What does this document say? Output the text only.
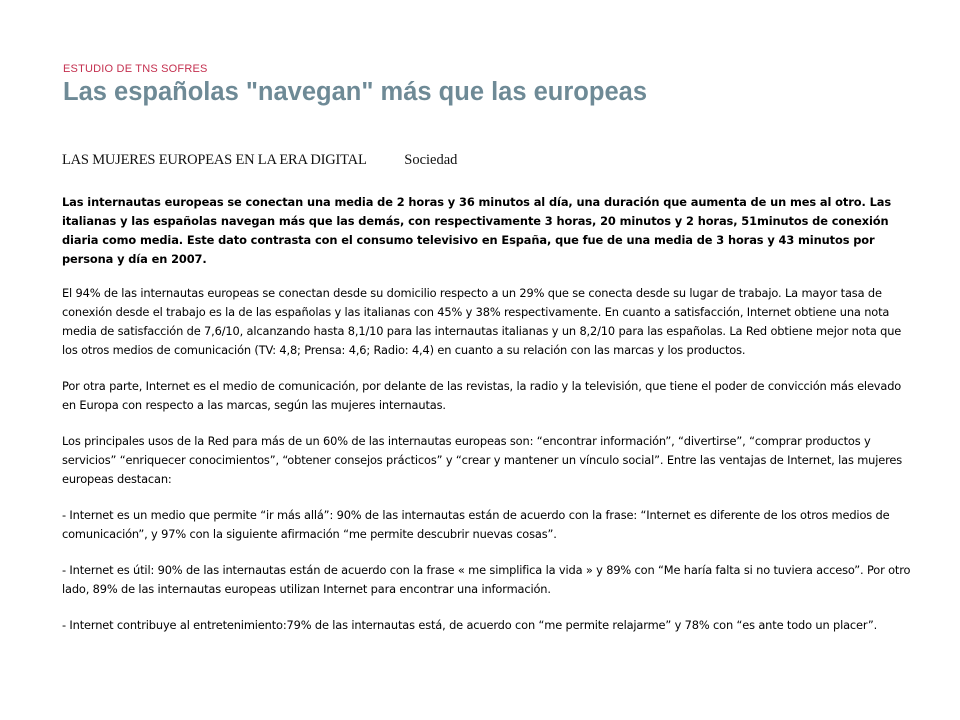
ESTUDIO DE TNS SOFRES
Las españolas "navegan" más que las europeas
LAS MUJERES EUROPEAS EN LA ERA DIGITAL	Sociedad

Las internautas europeas se conectan una media de 2 horas y 36 minutos al día, una duración que aumenta de un mes al otro. Las italianas y las españolas navegan más que las demás, con respectivamente 3 horas, 20 minutos y 2 horas, 51minutos de conexión diaria como media. Este dato contrasta con el consumo televisivo en España, que fue de una media de 3 horas y 43 minutos por persona y día en 2007.

El 94% de las internautas europeas se conectan desde su domicilio respecto a un 29% que se conecta desde su lugar de trabajo. La mayor tasa de conexión desde el trabajo es la de las españolas y las italianas con 45% y 38% respectivamente. En cuanto a satisfacción, Internet obtiene una nota media de satisfacción de 7,6/10, alcanzando hasta 8,1/10 para las internautas italianas y un 8,2/10 para las españolas. La Red obtiene mejor nota que los otros medios de comunicación (TV: 4,8; Prensa: 4,6; Radio: 4,4) en cuanto a su relación con las marcas y los productos.

Por otra parte, Internet es el medio de comunicación, por delante de las revistas, la radio y la televisión, que tiene el poder de convicción más elevado en Europa con respecto a las marcas, según las mujeres internautas.

Los principales usos de la Red para más de un 60% de las internautas europeas son: “encontrar información”, “divertirse”, “comprar productos y servicios” “enriquecer conocimientos”, “obtener consejos prácticos” y “crear y mantener un vínculo social”. Entre las ventajas de Internet, las mujeres europeas destacan:

- Internet es un medio que permite “ir más allá”: 90% de las internautas están de acuerdo con la frase: “Internet es diferente de los otros medios de comunicación”, y 97% con la siguiente afirmación “me permite descubrir nuevas cosas”.

- Internet es útil: 90% de las internautas están de acuerdo con la frase « me simplifica la vida » y 89% con “Me haría falta si no tuviera acceso”. Por otro lado, 89% de las internautas europeas utilizan Internet para encontrar una información.

- Internet contribuye al entretenimiento:79% de las internautas está, de acuerdo con “me permite relajarme” y 78% con “es ante todo un placer”.
